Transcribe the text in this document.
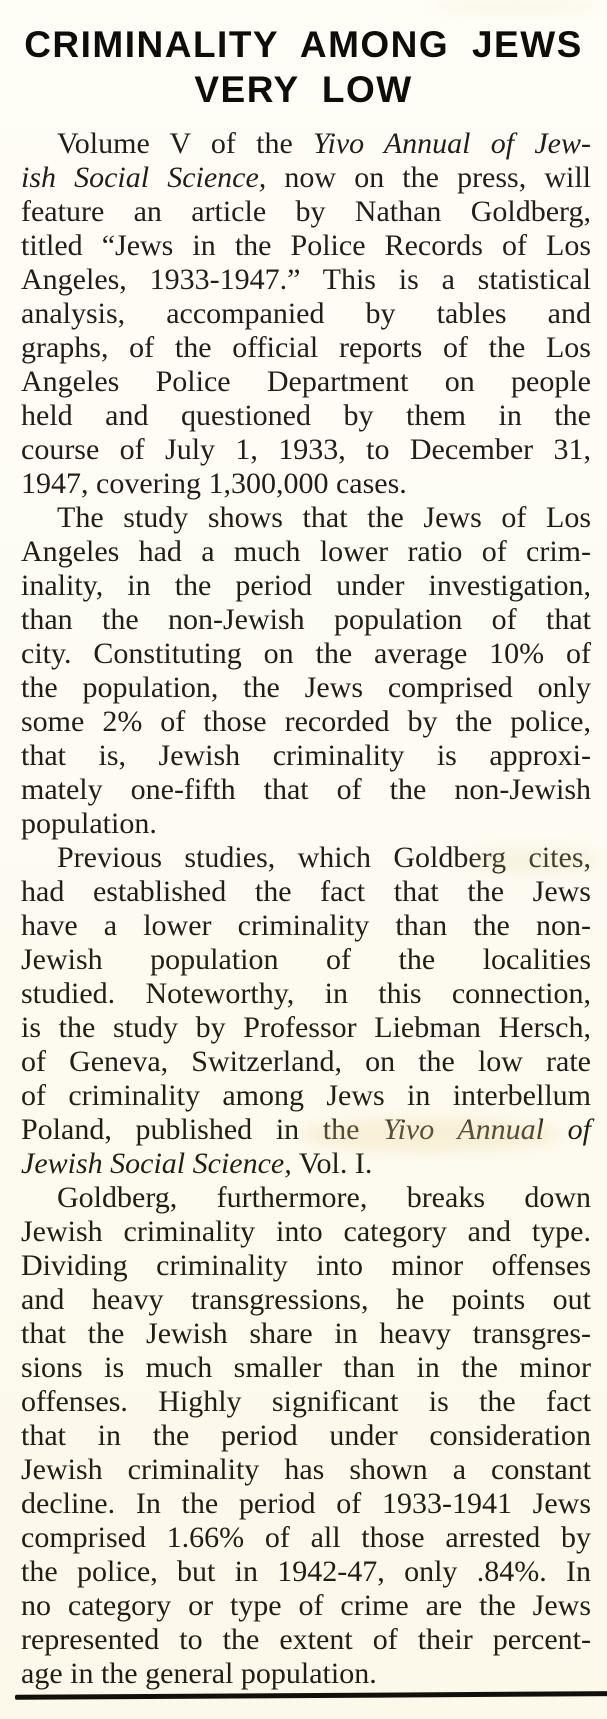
CRIMINALITY AMONG JEWS
VERY LOW
Volume V of the Yivo Annual of Jew-
ish Social Science, now on the press, will
feature an article by Nathan Goldberg,
titled “Jews in the Police Records of Los
Angeles, 1933-1947.” This is a statistical
analysis, accompanied by tables and
graphs, of the official reports of the Los
Angeles Police Department on people
held and questioned by them in the
course of July 1, 1933, to December 31,
1947, covering 1,300,000 cases.
The study shows that the Jews of Los
Angeles had a much lower ratio of crim-
inality, in the period under investigation,
than the non-Jewish population of that
city. Constituting on the average 10% of
the population, the Jews comprised only
some 2% of those recorded by the police,
that is, Jewish criminality is approxi-
mately one-fifth that of the non-Jewish
population.
Previous studies, which Goldberg cites,
had established the fact that the Jews
have a lower criminality than the non-
Jewish population of the localities
studied. Noteworthy, in this connection,
is the study by Professor Liebman Hersch,
of Geneva, Switzerland, on the low rate
of criminality among Jews in interbellum
Poland, published in the Yivo Annual of
Jewish Social Science, Vol. I.
Goldberg, furthermore, breaks down
Jewish criminality into category and type.
Dividing criminality into minor offenses
and heavy transgressions, he points out
that the Jewish share in heavy transgres-
sions is much smaller than in the minor
offenses. Highly significant is the fact
that in the period under consideration
Jewish criminality has shown a constant
decline. In the period of 1933-1941 Jews
comprised 1.66% of all those arrested by
the police, but in 1942-47, only .84%. In
no category or type of crime are the Jews
represented to the extent of their percent-
age in the general population.
